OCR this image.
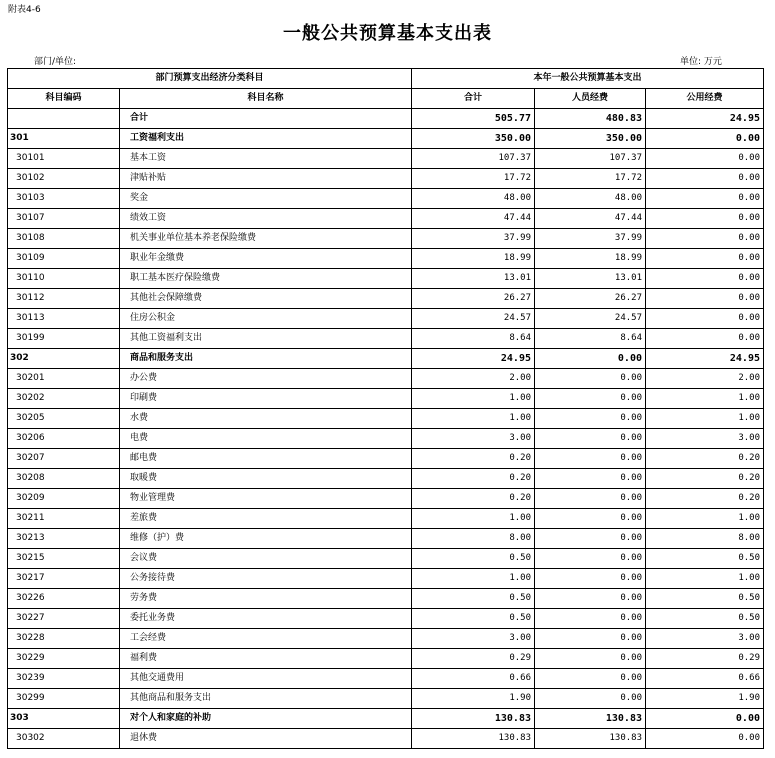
附表4-6
一般公共预算基本支出表
部门/单位:	单位: 万元
部门预算支出经济分类科目		本年一般公共预算基本支出		
科目编码	科目名称	合计	人员经费	公用经费
	合计	505.77	480.83	24.95
301	工资福利支出	350.00	350.00	0.00
30101	基本工资	107.37	107.37	0.00
30102	津贴补贴	17.72	17.72	0.00
30103	奖金	48.00	48.00	0.00
30107	绩效工资	47.44	47.44	0.00
30108	机关事业单位基本养老保险缴费	37.99	37.99	0.00
30109	职业年金缴费	18.99	18.99	0.00
30110	职工基本医疗保险缴费	13.01	13.01	0.00
30112	其他社会保障缴费	26.27	26.27	0.00
30113	住房公积金	24.57	24.57	0.00
30199	其他工资福利支出	8.64	8.64	0.00
302	商品和服务支出	24.95	0.00	24.95
30201	办公费	2.00	0.00	2.00
30202	印刷费	1.00	0.00	1.00
30205	水费	1.00	0.00	1.00
30206	电费	3.00	0.00	3.00
30207	邮电费	0.20	0.00	0.20
30208	取暖费	0.20	0.00	0.20
30209	物业管理费	0.20	0.00	0.20
30211	差旅费	1.00	0.00	1.00
30213	维修（护）费	8.00	0.00	8.00
30215	会议费	0.50	0.00	0.50
30217	公务接待费	1.00	0.00	1.00
30226	劳务费	0.50	0.00	0.50
30227	委托业务费	0.50	0.00	0.50
30228	工会经费	3.00	0.00	3.00
30229	福利费	0.29	0.00	0.29
30239	其他交通费用	0.66	0.00	0.66
30299	其他商品和服务支出	1.90	0.00	1.90
303	对个人和家庭的补助	130.83	130.83	0.00
30302	退休费	130.83	130.83	0.00
